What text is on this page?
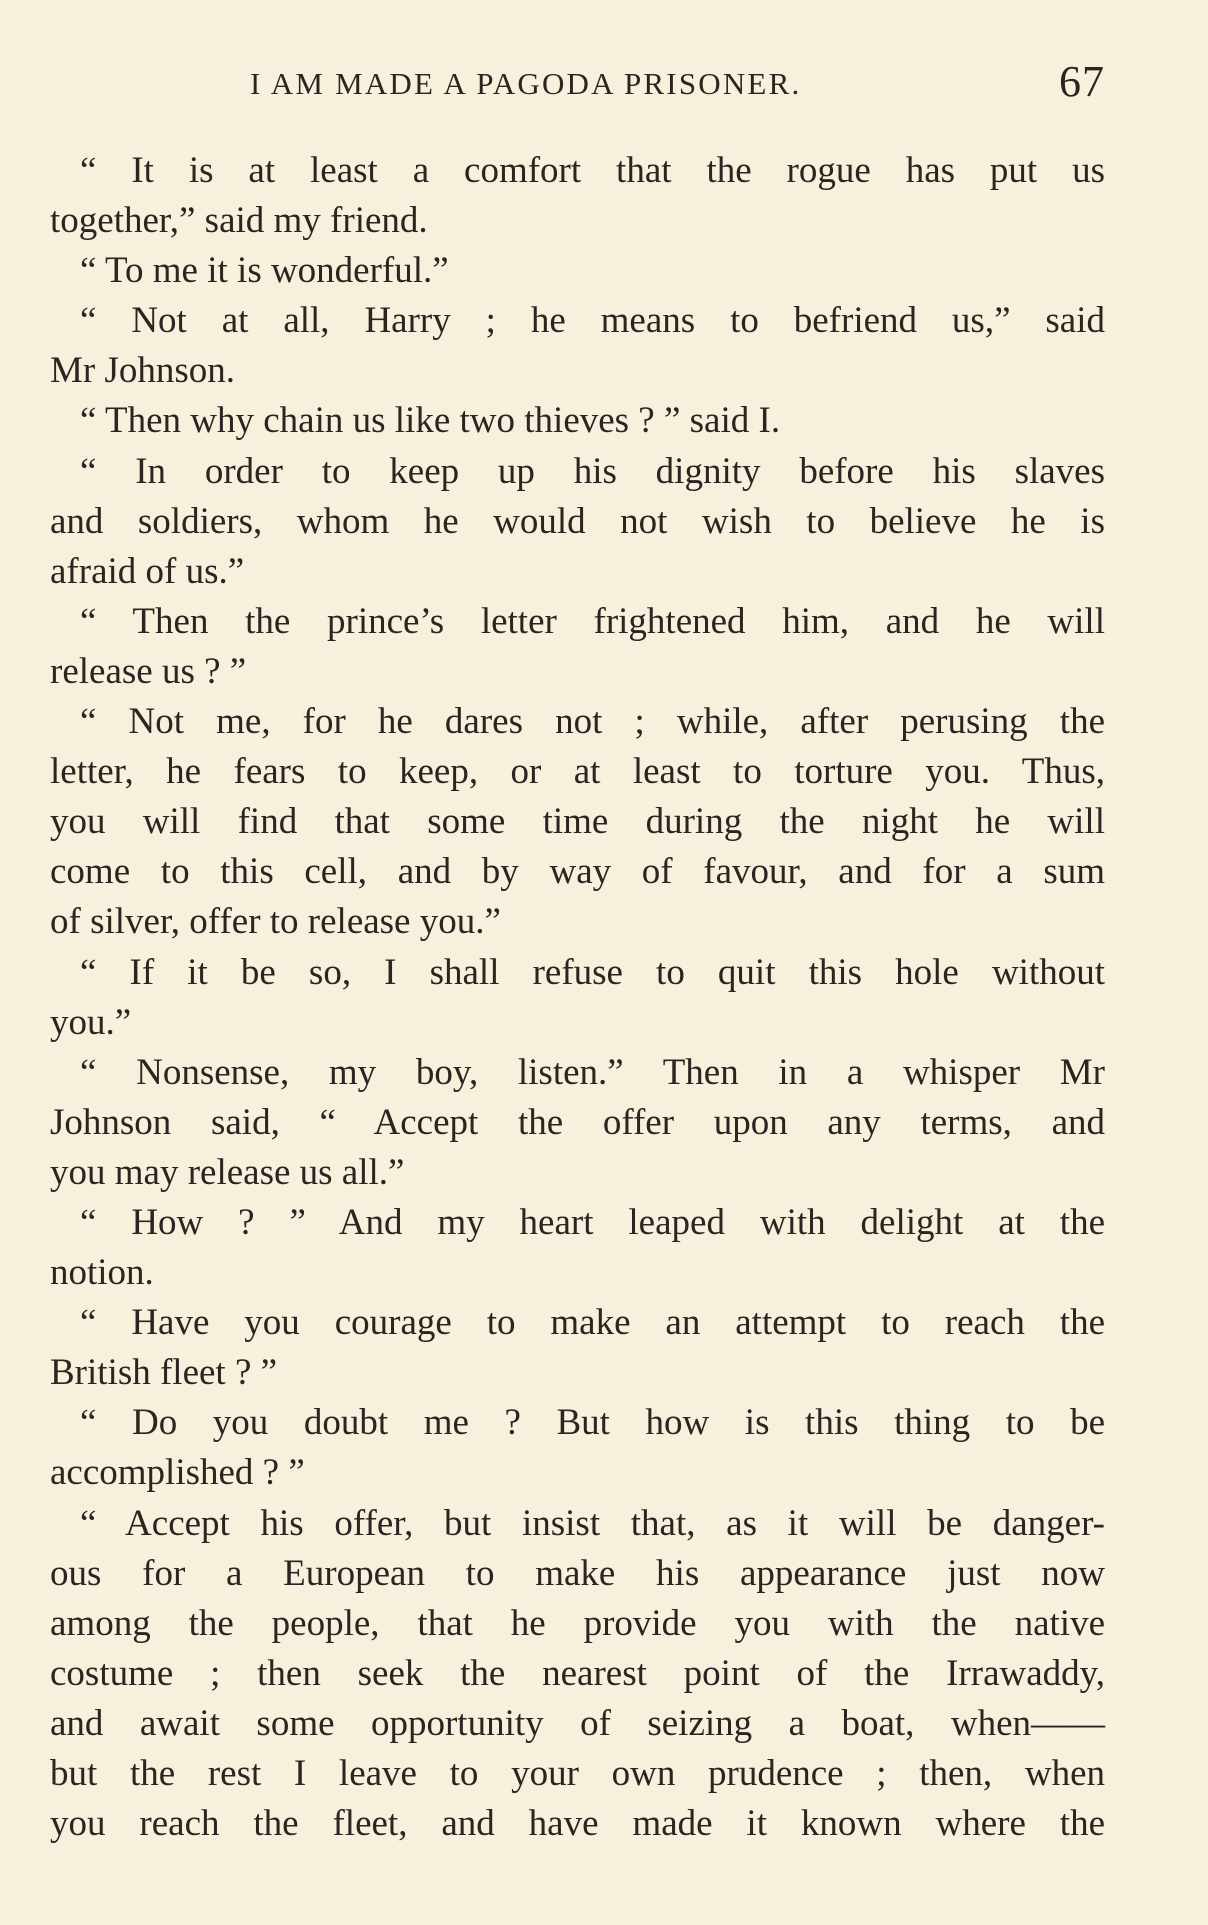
I AM MADE A PAGODA PRISONER.	67
“ It is at least a comfort that the rogue has put us
together,” said my friend.
“ To me it is wonderful.”
“ Not at all, Harry ; he means to befriend us,” said
Mr Johnson.
“ Then why chain us like two thieves ? ” said I.
“ In order to keep up his dignity before his slaves
and soldiers, whom he would not wish to believe he is
afraid of us.”
“ Then the prince’s letter frightened him, and he will
release us ? ”
“ Not me, for he dares not ; while, after perusing the
letter, he fears to keep, or at least to torture you. Thus,
you will find that some time during the night he will
come to this cell, and by way of favour, and for a sum
of silver, offer to release you.”
“ If it be so, I shall refuse to quit this hole without
you.”
“ Nonsense, my boy, listen.” Then in a whisper Mr
Johnson said, “ Accept the offer upon any terms, and
you may release us all.”
“ How ? ” And my heart leaped with delight at the
notion.
“ Have you courage to make an attempt to reach the
British fleet ? ”
“ Do you doubt me ? But how is this thing to be
accomplished ? ”
“ Accept his offer, but insist that, as it will be danger-
ous for a European to make his appearance just now
among the people, that he provide you with the native
costume ; then seek the nearest point of the Irrawaddy,
and await some opportunity of seizing a boat, when——
but the rest I leave to your own prudence ; then, when
you reach the fleet, and have made it known where the
